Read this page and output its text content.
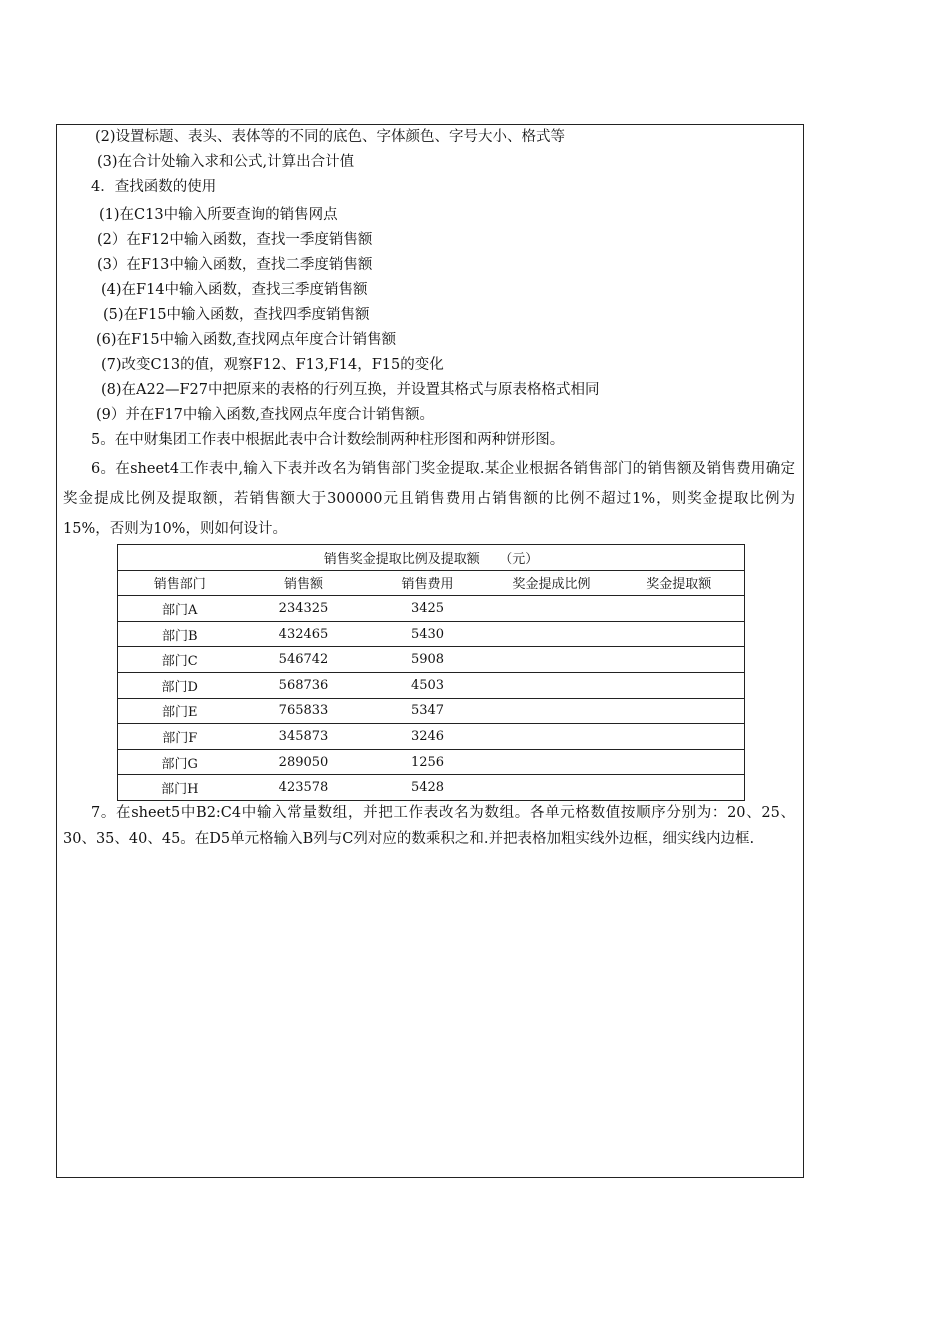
(2)设置标题、表头、表体等的不同的底色、字体颜色、字号大小、格式等
(3)在合计处输入求和公式,计算出合计值
4．查找函数的使用
(1)在C13中输入所要查询的销售网点
(2）在F12中输入函数，查找一季度销售额
(3）在F13中输入函数，查找二季度销售额
(4)在F14中输入函数，查找三季度销售额
(5)在F15中输入函数，查找四季度销售额
(6)在F15中输入函数,查找网点年度合计销售额
(7)改变C13的值，观察F12、F13,F14，F15的变化
(8)在A22—F27中把原来的表格的行列互换，并设置其格式与原表格格式相同
(9）并在F17中输入函数,查找网点年度合计销售额。
5。在中财集团工作表中根据此表中合计数绘制两种柱形图和两种饼形图。
6。在sheet4工作表中,输入下表并改名为销售部门奖金提取.某企业根据各销售部门的销售额及销售费用确定奖金提成比例及提取额，若销售额大于300000元且销售费用占销售额的比例不超过1%，则奖金提取比例为15%，否则为10%，则如何设计。
销售奖金提取比例及提取额　　（元）				
销售部门	销售额	销售费用	奖金提成比例	奖金提取额
部门A	234325	3425		
部门B	432465	5430		
部门C	546742	5908		
部门D	568736	4503		
部门E	765833	5347		
部门F	345873	3246		
部门G	289050	1256		
部门H	423578	5428		
7。在sheet5中B2:C4中输入常量数组，并把工作表改名为数组。各单元格数值按顺序分别为：20、25、30、35、40、45。在D5单元格输入B列与C列对应的数乘积之和.并把表格加粗实线外边框，细实线内边框.
